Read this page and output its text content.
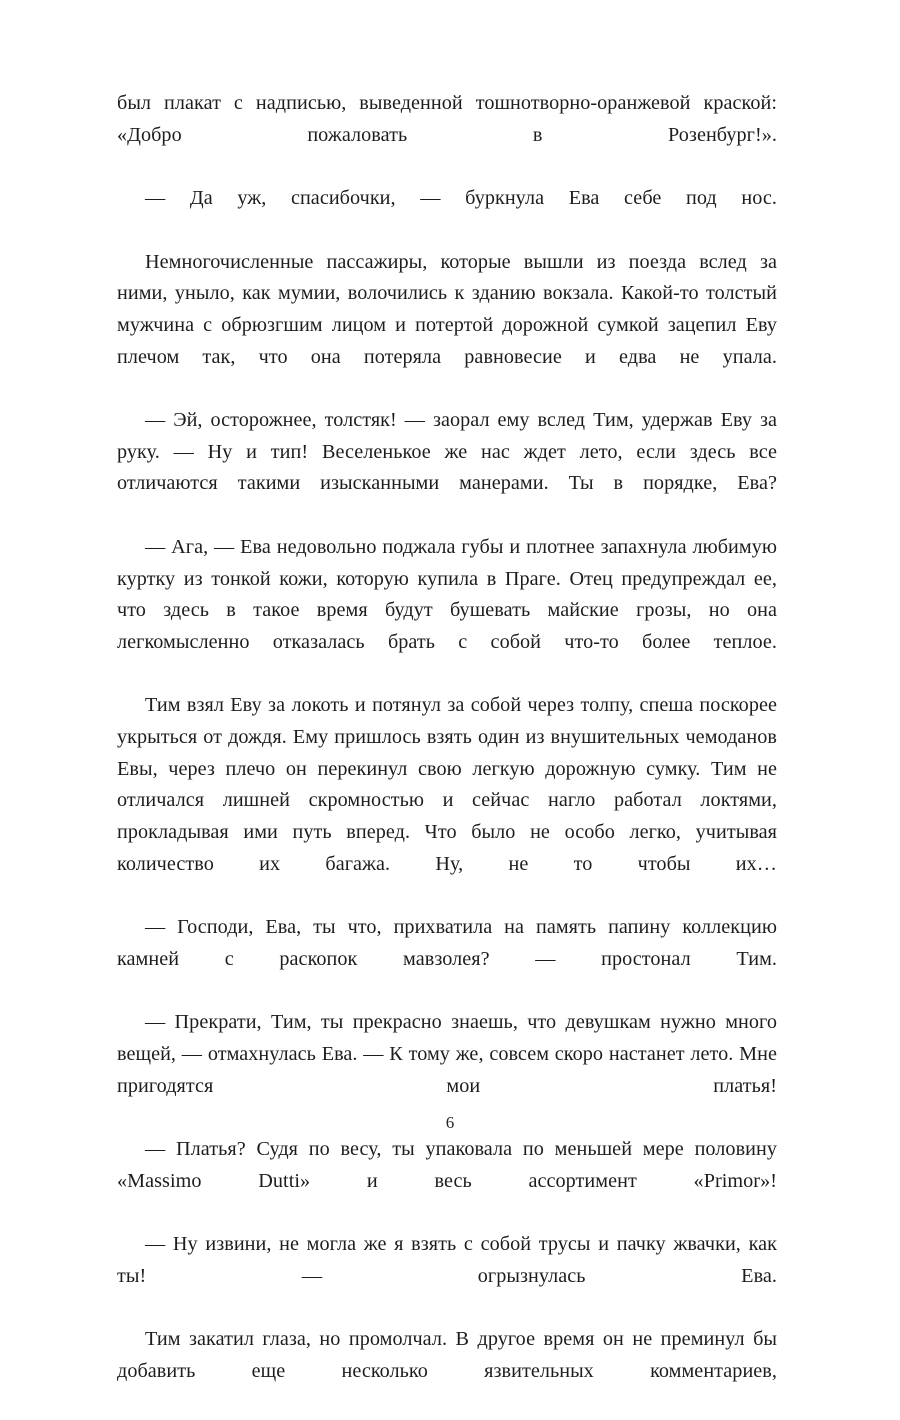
был плакат с надписью, выведенной тошнотворно-оранжевой краской: «Добро пожаловать в Розенбург!».

— Да уж, спасибочки, — буркнула Ева себе под нос.

Немногочисленные пассажиры, которые вышли из поезда вслед за ними, уныло, как мумии, волочились к зданию вокзала. Какой-то толстый мужчина с обрюзгшим лицом и потертой дорожной сумкой зацепил Еву плечом так, что она потеряла равновесие и едва не упала.

— Эй, осторожнее, толстяк! — заорал ему вслед Тим, удержав Еву за руку. — Ну и тип! Веселенькое же нас ждет лето, если здесь все отличаются такими изысканными манерами. Ты в порядке, Ева?

— Ага, — Ева недовольно поджала губы и плотнее запахнула любимую куртку из тонкой кожи, которую купила в Праге. Отец предупреждал ее, что здесь в такое время будут бушевать майские грозы, но она легкомысленно отказалась брать с собой что-то более теплое.

Тим взял Еву за локоть и потянул за собой через толпу, спеша поскорее укрыться от дождя. Ему пришлось взять один из внушительных чемоданов Евы, через плечо он перекинул свою легкую дорожную сумку. Тим не отличался лишней скромностью и сейчас нагло работал локтями, прокладывая ими путь вперед. Что было не особо легко, учитывая количество их багажа. Ну, не то чтобы их…

— Господи, Ева, ты что, прихватила на память папину коллекцию камней с раскопок мавзолея? — простонал Тим.

— Прекрати, Тим, ты прекрасно знаешь, что девушкам нужно много вещей, — отмахнулась Ева. — К тому же, совсем скоро настанет лето. Мне пригодятся мои платья!

— Платья? Судя по весу, ты упаковала по меньшей мере половину «Massimo Dutti» и весь ассортимент «Primor»!

— Ну извини, не могла же я взять с собой трусы и пачку жвачки, как ты! — огрызнулась Ева.

Тим закатил глаза, но промолчал. В другое время он не преминул бы добавить еще несколько язвительных комментариев,

6
